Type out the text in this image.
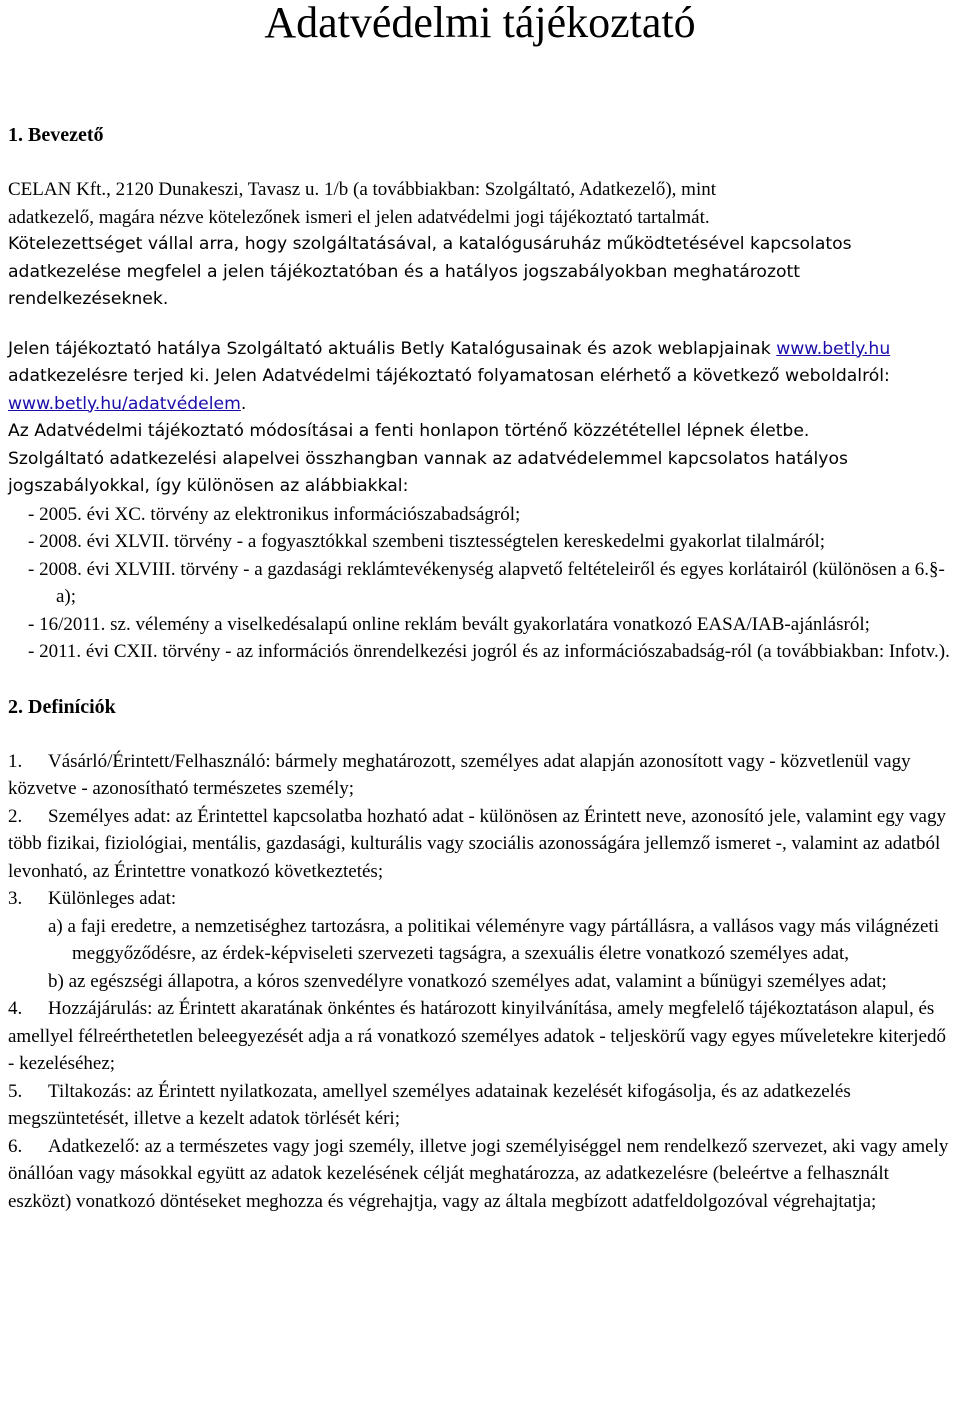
Adatvédelmi tájékoztató

1. Bevezető

CELAN Kft., 2120 Dunakeszi, Tavasz u. 1/b (a továbbiakban: Szolgáltató, Adatkezelő), mint

adatkezelő, magára nézve kötelezőnek ismeri el jelen adatvédelmi jogi tájékoztató tartalmát.

Kötelezettséget vállal arra, hogy szolgáltatásával, a katalógusáruház működtetésével kapcsolatos adatkezelése megfelel a jelen tájékoztatóban és a hatályos jogszabályokban meghatározott rendelkezéseknek.

Jelen tájékoztató hatálya Szolgáltató aktuális Betly Katalógusainak és azok weblapjainak www.betly.hu adatkezelésre terjed ki. Jelen Adatvédelmi tájékoztató folyamatosan elérhető a következő weboldalról: www.betly.hu/adatvédelem.

Az Adatvédelmi tájékoztató módosításai a fenti honlapon történő közzététellel lépnek életbe.

Szolgáltató adatkezelési alapelvei összhangban vannak az adatvédelemmel kapcsolatos hatályos jogszabályokkal, így különösen az alábbiakkal:

- 2005. évi XC. törvény az elektronikus információszabadságról;

- 2008. évi XLVII. törvény - a fogyasztókkal szembeni tisztességtelen kereskedelmi gyakorlat tilalmáról;

- 2008. évi XLVIII. törvény - a gazdasági reklámtevékenység alapvető feltételeiről és egyes korlátairól (különösen a 6.§-a);

- 16/2011. sz. vélemény a viselkedésalapú online reklám bevált gyakorlatára vonatkozó EASA/IAB-ajánlásról;

- 2011. évi CXII. törvény - az információs önrendelkezési jogról és az információszabadság-ról (a továbbiakban: Infotv.).

2. Definíciók

1. Vásárló/Érintett/Felhasználó: bármely meghatározott, személyes adat alapján azonosított vagy - közvetlenül vagy közvetve - azonosítható természetes személy;

2. Személyes adat: az Érintettel kapcsolatba hozható adat - különösen az Érintett neve, azonosító jele, valamint egy vagy több fizikai, fiziológiai, mentális, gazdasági, kulturális vagy szociális azonosságára jellemző ismeret -, valamint az adatból levonható, az Érintettre vonatkozó következtetés;

3. Különleges adat:

a) a faji eredetre, a nemzetiséghez tartozásra, a politikai véleményre vagy pártállásra, a vallásos vagy más világnézeti meggyőződésre, az érdek-képviseleti szervezeti tagságra, a szexuális életre vonatkozó személyes adat,

b) az egészségi állapotra, a kóros szenvedélyre vonatkozó személyes adat, valamint a bűnügyi személyes adat;

4. Hozzájárulás: az Érintett akaratának önkéntes és határozott kinyilvánítása, amely megfelelő tájékoztatáson alapul, és amellyel félreérthetetlen beleegyezését adja a rá vonatkozó személyes adatok - teljeskörű vagy egyes műveletekre kiterjedő - kezeléséhez;

5. Tiltakozás: az Érintett nyilatkozata, amellyel személyes adatainak kezelését kifogásolja, és az adatkezelés megszüntetését, illetve a kezelt adatok törlését kéri;

6. Adatkezelő: az a természetes vagy jogi személy, illetve jogi személyiséggel nem rendelkező szervezet, aki vagy amely önállóan vagy másokkal együtt az adatok kezelésének célját meghatározza, az adatkezelésre (beleértve a felhasznált eszközt) vonatkozó döntéseket meghozza és végrehajtja, vagy az általa megbízott adatfeldolgozóval végrehajtatja;
